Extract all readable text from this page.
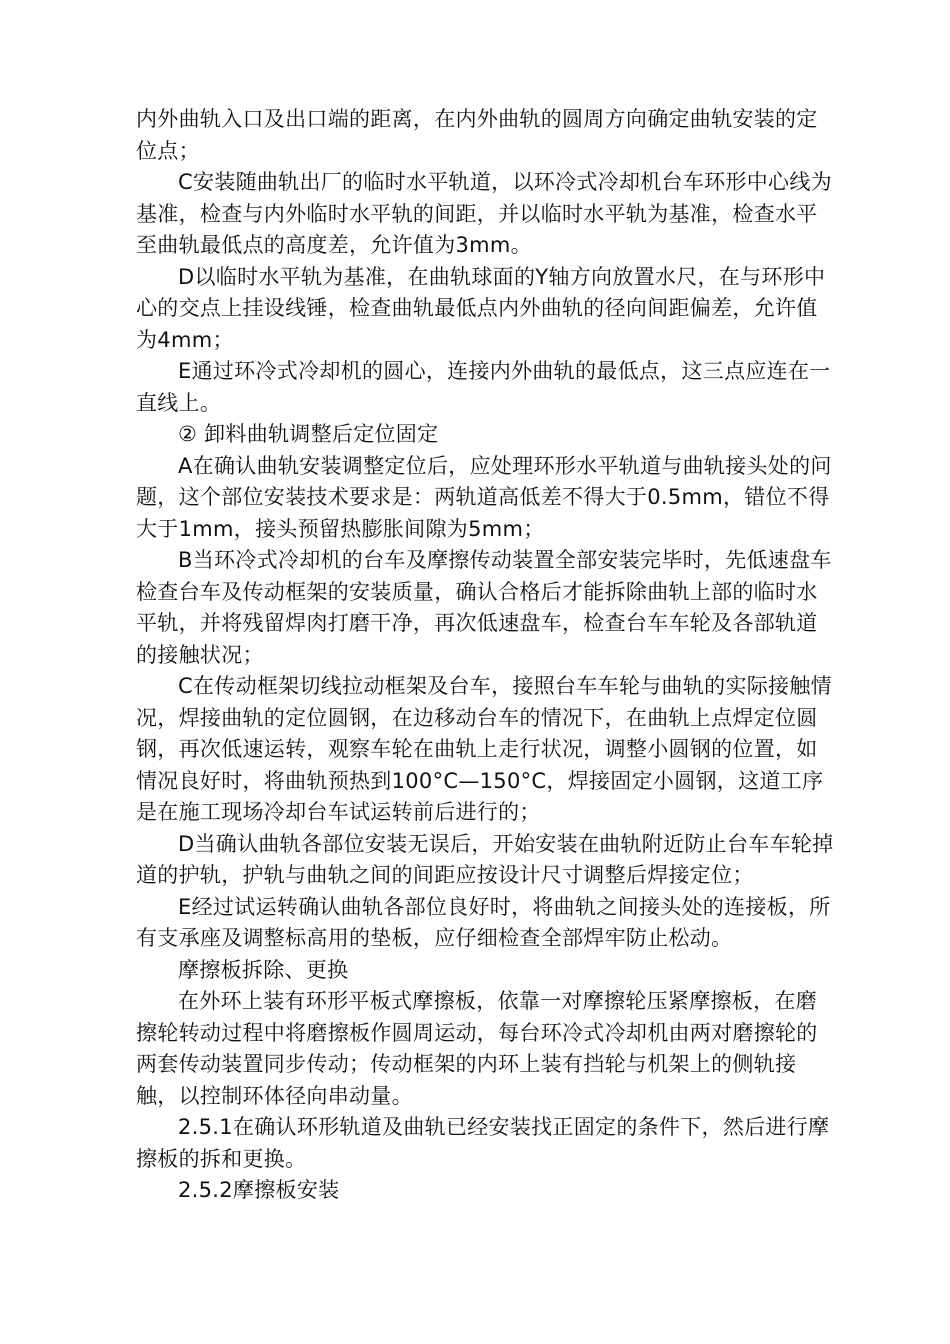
内外曲轨入口及出口端的距离，在内外曲轨的圆周方向确定曲轨安装的定位点；

C安装随曲轨出厂的临时水平轨道，以环冷式冷却机台车环形中心线为基准，检查与内外临时水平轨的间距，并以临时水平轨为基准，检查水平至曲轨最低点的高度差，允许值为3mm。

D以临时水平轨为基准，在曲轨球面的Y轴方向放置水尺，在与环形中心的交点上挂设线锤，检查曲轨最低点内外曲轨的径向间距偏差，允许值为4mm；

E通过环冷式冷却机的圆心，连接内外曲轨的最低点，这三点应连在一直线上。

② 卸料曲轨调整后定位固定

A在确认曲轨安装调整定位后，应处理环形水平轨道与曲轨接头处的问题，这个部位安装技术要求是：两轨道高低差不得大于0.5mm，错位不得大于1mm，接头预留热膨胀间隙为5mm；

B当环冷式冷却机的台车及摩擦传动装置全部安装完毕时，先低速盘车检查台车及传动框架的安装质量，确认合格后才能拆除曲轨上部的临时水平轨，并将残留焊肉打磨干净，再次低速盘车，检查台车车轮及各部轨道的接触状况；

C在传动框架切线拉动框架及台车，接照台车车轮与曲轨的实际接触情况，焊接曲轨的定位圆钢，在边移动台车的情况下，在曲轨上点焊定位圆钢，再次低速运转，观察车轮在曲轨上走行状况，调整小圆钢的位置，如情况良好时，将曲轨预热到100°C—150°C，焊接固定小圆钢，这道工序是在施工现场冷却台车试运转前后进行的；

D当确认曲轨各部位安装无误后，开始安装在曲轨附近防止台车车轮掉道的护轨，护轨与曲轨之间的间距应按设计尺寸调整后焊接定位；

E经过试运转确认曲轨各部位良好时，将曲轨之间接头处的连接板，所有支承座及调整标高用的垫板，应仔细检查全部焊牢防止松动。

摩擦板拆除、更换

在外环上装有环形平板式摩擦板，依靠一对摩擦轮压紧摩擦板，在磨擦轮转动过程中将磨擦板作圆周运动，每台环冷式冷却机由两对磨擦轮的两套传动装置同步传动；传动框架的内环上装有挡轮与机架上的侧轨接触，以控制环体径向串动量。

2.5.1在确认环形轨道及曲轨已经安装找正固定的条件下，然后进行摩擦板的拆和更换。

2.5.2摩擦板安装
